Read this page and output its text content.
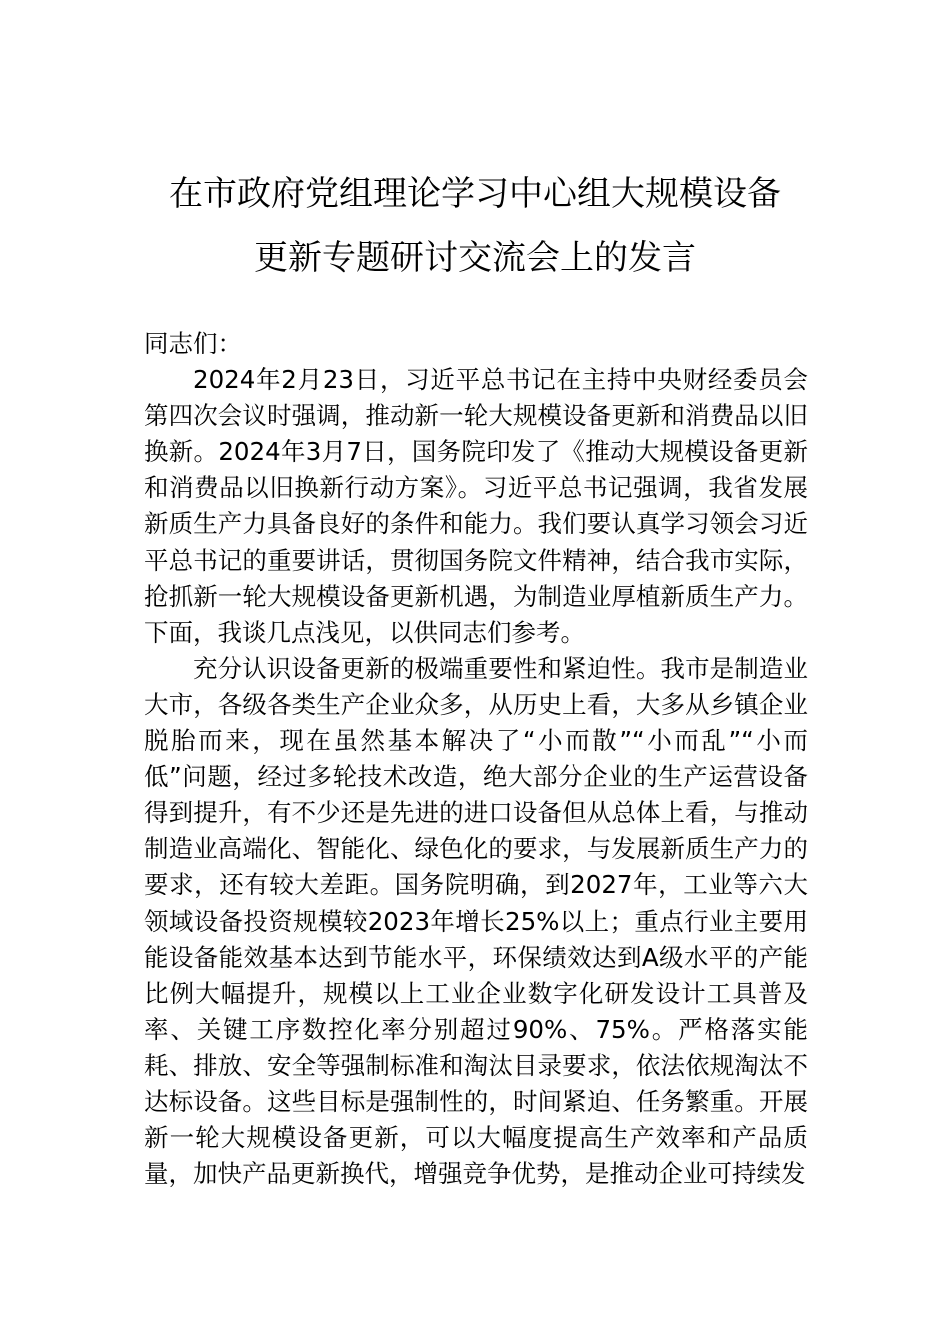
在市政府党组理论学习中心组大规模设备
更新专题研讨交流会上的发言

同志们：

2024年2月23日，习近平总书记在主持中央财经委员会第四次会议时强调，推动新一轮大规模设备更新和消费品以旧换新。2024年3月7日，国务院印发了《推动大规模设备更新和消费品以旧换新行动方案》。习近平总书记强调，我省发展新质生产力具备良好的条件和能力。我们要认真学习领会习近平总书记的重要讲话，贯彻国务院文件精神，结合我市实际，抢抓新一轮大规模设备更新机遇，为制造业厚植新质生产力。下面，我谈几点浅见，以供同志们参考。

充分认识设备更新的极端重要性和紧迫性。我市是制造业大市，各级各类生产企业众多，从历史上看，大多从乡镇企业脱胎而来，现在虽然基本解决了“小而散”“小而乱”“小而低”问题，经过多轮技术改造，绝大部分企业的生产运营设备得到提升，有不少还是先进的进口设备但从总体上看，与推动制造业高端化、智能化、绿色化的要求，与发展新质生产力的要求，还有较大差距。国务院明确，到2027年，工业等六大领域设备投资规模较2023年增长25%以上；重点行业主要用能设备能效基本达到节能水平，环保绩效达到A级水平的产能比例大幅提升，规模以上工业企业数字化研发设计工具普及率、关键工序数控化率分别超过90%、75%。严格落实能耗、排放、安全等强制标准和淘汰目录要求，依法依规淘汰不达标设备。这些目标是强制性的，时间紧迫、任务繁重。开展新一轮大规模设备更新，可以大幅度提高生产效率和产品质量，加快产品更新换代，增强竞争优势，是推动企业可持续发
